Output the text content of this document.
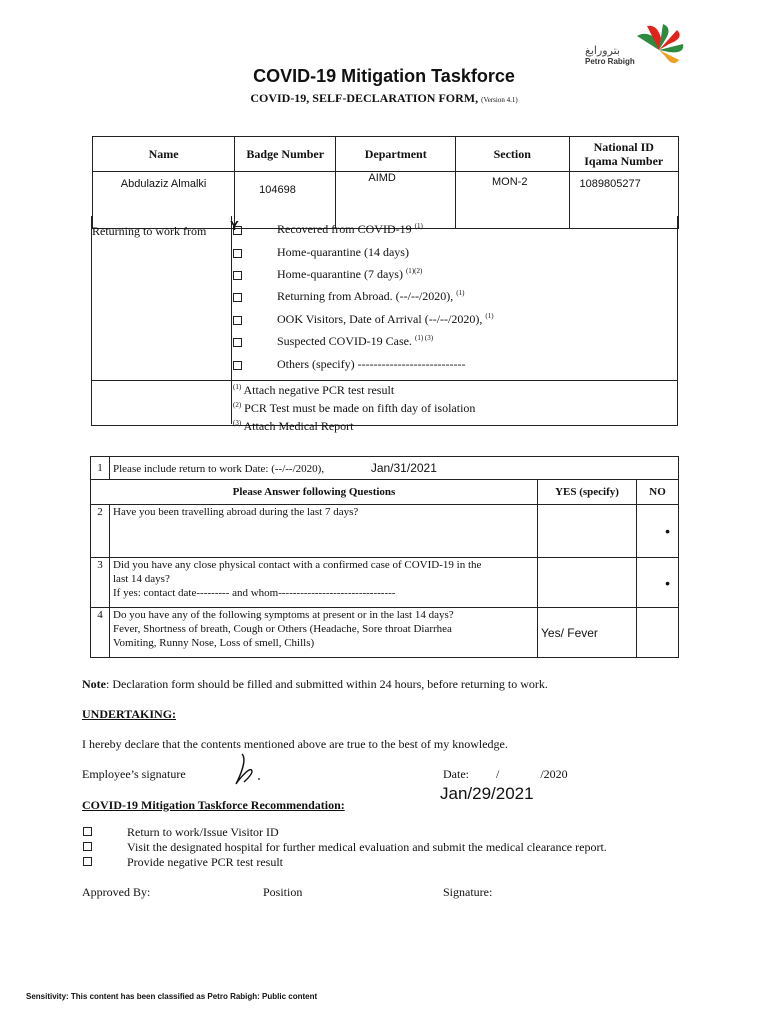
بترورابغ
Petro Rabigh
COVID-19 Mitigation Taskforce
COVID-19, SELF-DECLARATION FORM, (Version 4.1)
Name	Badge Number	Department	Section	National ID
Iqama Number
Abdulaziz Almalki	104698	AIMD	MON-2	1089805277
Returning to work from Y	Recovered from COVID-19 $^{(1)}$
Home-quarantine (14 days)
Home-quarantine (7 days) $^{(1)(2)}$
Returning from Abroad. (--/--/2020), $^{(1)}$
OOK Visitors, Date of Arrival (--/--/2020), $^{(1)}$
Suspected COVID-19 Case. $^{(1) (3)}$
Others (specify) ---------------------------
$^{(1)}$ Attach negative PCR test result
$^{(2)}$ PCR Test must be made on fifth day of isolation
$^{(3)}$ Attach Medical Report
1	Please include return to work Date: (--/--/2020), Jan/31/2021		
Please Answer following Questions		YES (specify)	NO
2	Have you been travelling abroad during the last 7 days?		•
3	Did you have any close physical contact with a confirmed case of COVID-19 in the
last 14 days?
If yes: contact date--------- and whom--------------------------------		•
4	Do you have any of the following symptoms at present or in the last 14 days?
Fever, Shortness of breath, Cough or Others (Headache, Sore throat Diarrhea
Vomiting, Runny Nose, Loss of smell, Chills)	Yes/ Fever	
Note: Declaration form should be filled and submitted within 24 hours, before returning to work.
UNDERTAKING:
I hereby declare that the contents mentioned above are true to the best of my knowledge.
Employee’s signature	Date: /	/2020
Jan/29/2021
COVID-19 Mitigation Taskforce Recommendation:
Return to work/Issue Visitor ID
Visit the designated hospital for further medical evaluation and submit the medical clearance report.
Provide negative PCR test result
Approved By:	Position	Signature:
Sensitivity: This content has been classified as Petro Rabigh: Public content
